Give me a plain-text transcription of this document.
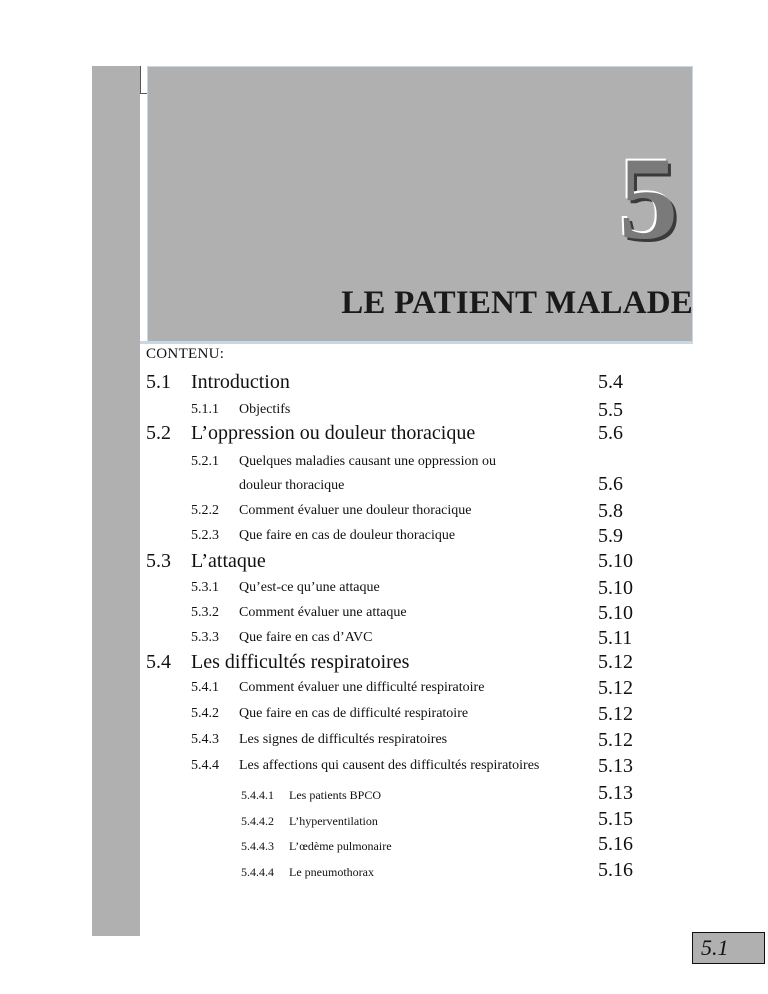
5
LE PATIENT MALADE
CONTENU:
5.1 Introduction	5.4
5.1.1 Objectifs	5.5
5.2 L’oppression ou douleur thoracique	5.6
5.2.1 Quelques maladies causant une oppression ou
douleur thoracique	5.6
5.2.2 Comment évaluer une douleur thoracique	5.8
5.2.3 Que faire en cas de douleur thoracique	5.9
5.3 L’attaque	5.10
5.3.1 Qu’est-ce qu’une attaque	5.10
5.3.2 Comment évaluer une attaque	5.10
5.3.3 Que faire en cas d’AVC	5.11
5.4 Les difficultés respiratoires	5.12
5.4.1 Comment évaluer une difficulté respiratoire	5.12
5.4.2 Que faire en cas de difficulté respiratoire	5.12
5.4.3 Les signes de difficultés respiratoires	5.12
5.4.4 Les affections qui causent des difficultés respiratoires	5.13
5.4.4.1 Les patients BPCO	5.13
5.4.4.2 L’hyperventilation	5.15
5.4.4.3 L’œdème pulmonaire	5.16
5.4.4.4 Le pneumothorax	5.16
5.1
